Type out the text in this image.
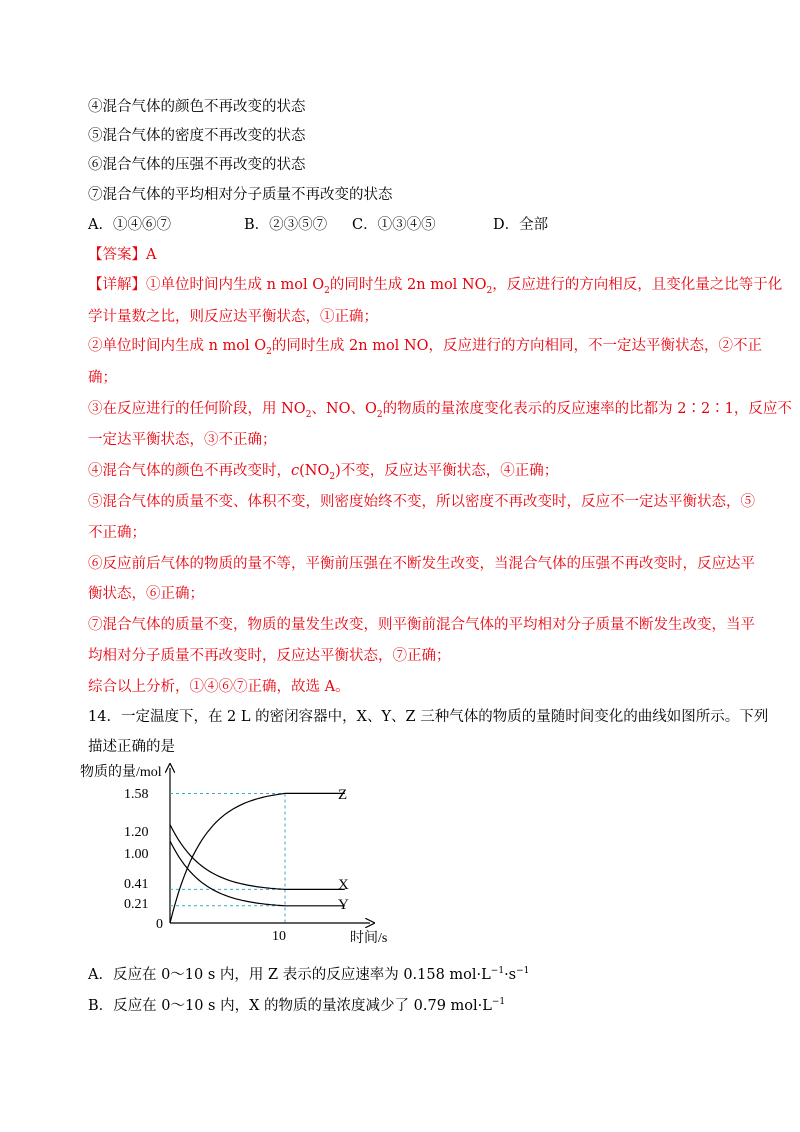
④混合气体的颜色不再改变的状态
⑤混合气体的密度不再改变的状态
⑥混合气体的压强不再改变的状态
⑦混合气体的平均相对分子质量不再改变的状态
A．①④⑥⑦	B．②③⑤⑦ C．①③④⑤	D．全部
【答案】A
【详解】①单位时间内生成 n mol $O_2$的同时生成 2n mol $NO_2$，反应进行的方向相反，且变化量之比等于化
学计量数之比，则反应达平衡状态，①正确；
②单位时间内生成 n mol $O_2$的同时生成 2n mol NO，反应进行的方向相同，不一定达平衡状态，②不正
确；
③在反应进行的任何阶段，用 $NO_2$、NO、$O_2$的物质的量浓度变化表示的反应速率的比都为 2∶2∶1，反应不
一定达平衡状态，③不正确；
④混合气体的颜色不再改变时，$c(NO_2)$不变，反应达平衡状态，④正确；
⑤混合气体的质量不变、体积不变，则密度始终不变，所以密度不再改变时，反应不一定达平衡状态，⑤
不正确；
⑥反应前后气体的物质的量不等，平衡前压强在不断发生改变，当混合气体的压强不再改变时，反应达平
衡状态，⑥正确；
⑦混合气体的质量不变，物质的量发生改变，则平衡前混合气体的平均相对分子质量不断发生改变，当平
均相对分子质量不再改变时，反应达平衡状态，⑦正确；
综合以上分析，①④⑥⑦正确，故选 A。
14．一定温度下，在 2 L 的密闭容器中，X、Y、Z 三种气体的物质的量随时间变化的曲线如图所示。下列
描述正确的是
物质的量/mol
时间/s
10
1.58
1.20
1.00
0.41
0.21
0
Z
X
Y
A．反应在 0～10 s 内，用 Z 表示的反应速率为 0.158 $mol\cdot L^{-1}\cdot s^{-1}$
B．反应在 0～10 s 内，X 的物质的量浓度减少了 0.79 $mol\cdot L^{-1}$
